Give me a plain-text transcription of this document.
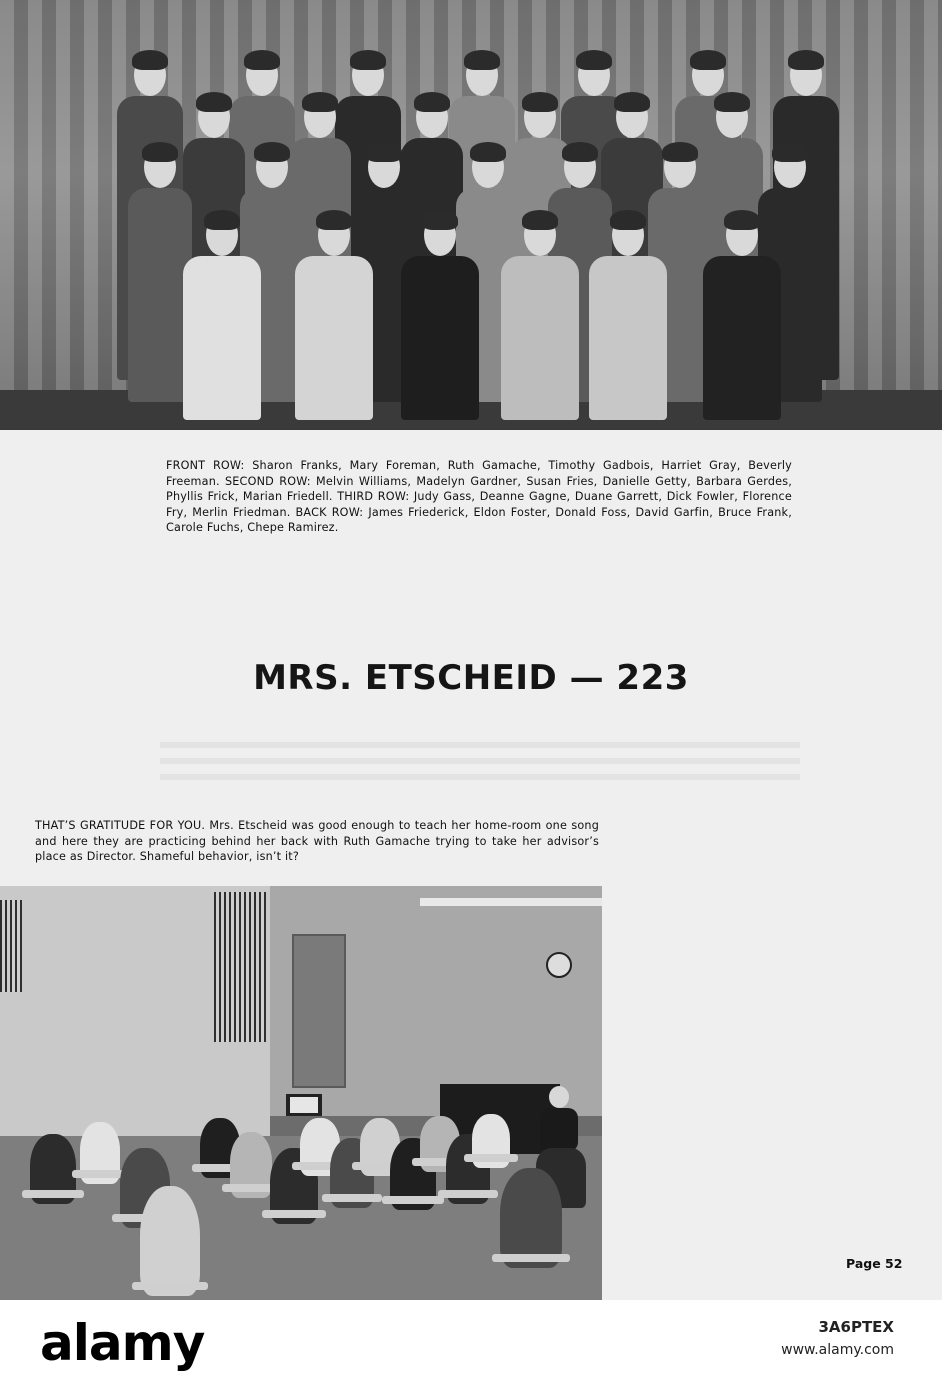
FRONT ROW: Sharon Franks, Mary Foreman, Ruth Gamache, Timothy Gadbois, Harriet Gray, Beverly Freeman. SECOND ROW: Melvin Williams, Madelyn Gardner, Susan Fries, Danielle Getty, Barbara Gerdes, Phyllis Frick, Marian Friedell. THIRD ROW: Judy Gass, Deanne Gagne, Duane Garrett, Dick Fowler, Florence Fry, Merlin Friedman. BACK ROW: James Friederick, Eldon Foster, Donald Foss, David Garfin, Bruce Frank, Carole Fuchs, Chepe Ramirez.

MRS. ETSCHEID — 223
THAT’S GRATITUDE FOR YOU. Mrs. Etscheid was good enough to teach her home-room one song and here they are practicing behind her back with Ruth Gamache trying to take her advisor’s place as Director. Shameful behavior, isn’t it?
Page 52

alamy	3A6PTEX
www.alamy.com
